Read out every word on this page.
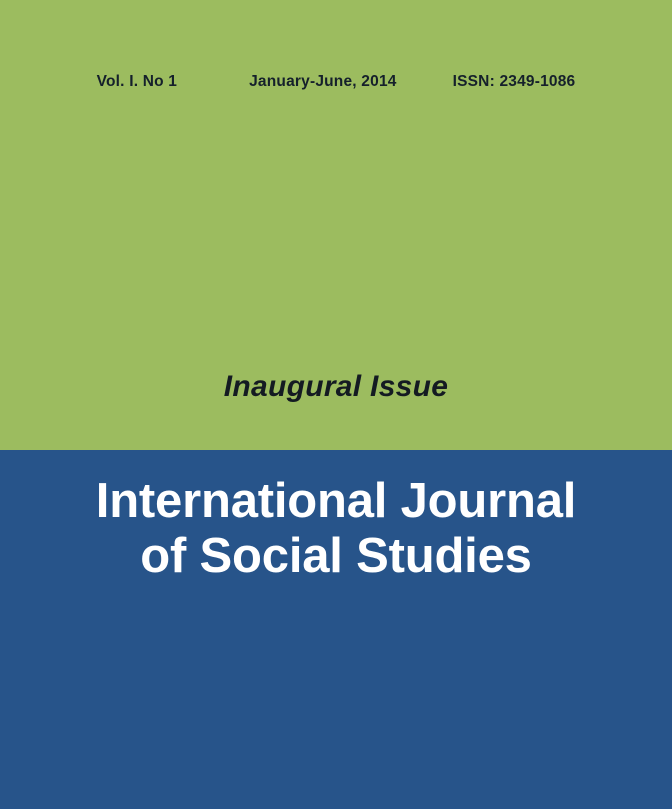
Vol. I. No 1	January-June, 2014	ISSN: 2349-1086
Inaugural Issue
International Journal
of Social Studies
